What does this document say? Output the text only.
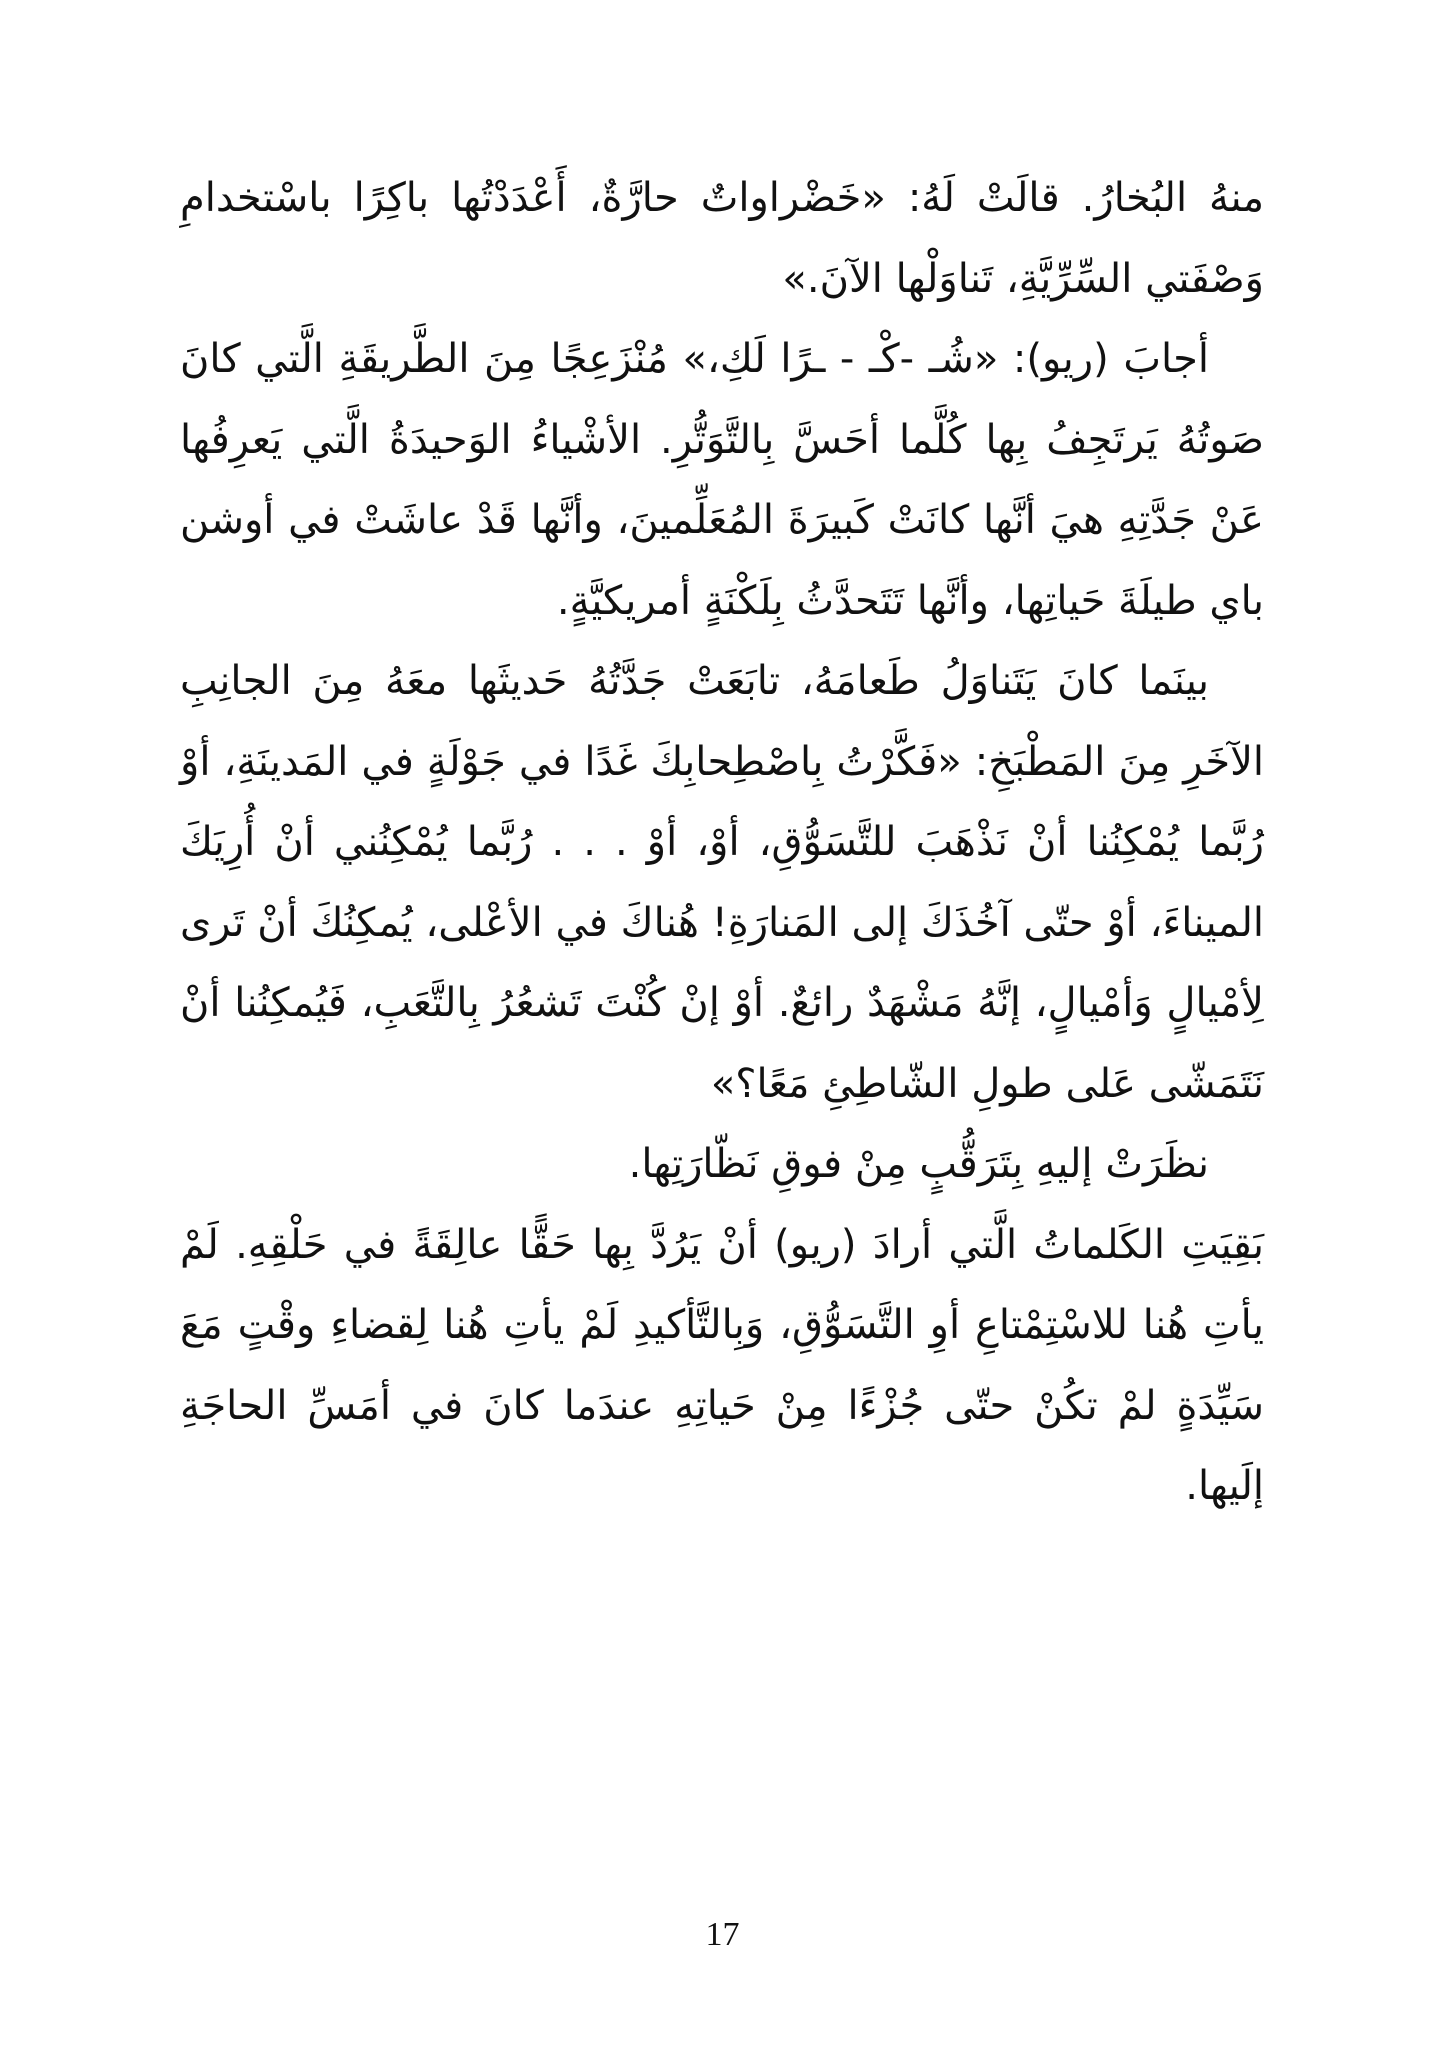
منهُ البُخارُ. قالَتْ لَهُ: «خَضْراواتٌ حارَّةٌ، أَعْدَدْتُها باكِرًا باسْتخدامِ وَصْفَتي السِّرِّيَّةِ، تَناوَلْها الآنَ.»

أجابَ (ريو): «شُـ -كْـ - ـرًا لَكِ،» مُنْزَعِجًا مِنَ الطَّريقَةِ الَّتي كانَ صَوتُهُ يَرتَجِفُ بِها كُلَّما أحَسَّ بِالتَّوَتُّرِ. الأشْياءُ الوَحيدَةُ الَّتي يَعرِفُها عَنْ جَدَّتِهِ هيَ أنَّها كانَتْ كَبيرَةَ المُعَلِّمينَ، وأنَّها قَدْ عاشَتْ في أوشن باي طيلَةَ حَياتِها، وأنَّها تَتَحدَّثُ بِلَكْنَةٍ أمريكيَّةٍ.

بينَما كانَ يَتَناوَلُ طَعامَهُ، تابَعَتْ جَدَّتُهُ حَديثَها معَهُ مِنَ الجانِبِ الآخَرِ مِنَ المَطْبَخِ: «فَكَّرْتُ بِاصْطِحابِكَ غَدًا في جَوْلَةٍ في المَدينَةِ، أوْ رُبَّما يُمْكِنُنا أنْ نَذْهَبَ للتَّسَوُّقِ، أوْ، أوْ . . . رُبَّما يُمْكِنُني أنْ أُرِيَكَ الميناءَ، أوْ حتّى آخُذَكَ إلى المَنارَةِ! هُناكَ في الأعْلى، يُمكِنُكَ أنْ تَرى لِأمْيالٍ وَأمْيالٍ، إنَّهُ مَشْهَدٌ رائعٌ. أوْ إنْ كُنْتَ تَشعُرُ بِالتَّعَبِ، فَيُمكِنُنا أنْ نَتَمَشّى عَلى طولِ الشّاطِئِ مَعًا؟»

نظَرَتْ إليهِ بِتَرَقُّبٍ مِنْ فوقِ نَظّارَتِها.

بَقِيَتِ الكَلماتُ الَّتي أرادَ (ريو) أنْ يَرُدَّ بِها حَقًّا عالِقَةً في حَلْقِهِ. لَمْ يأتِ هُنا للاسْتِمْتاعِ أوِ التَّسَوُّقِ، وَبِالتَّأكيدِ لَمْ يأتِ هُنا لِقضاءِ وقْتٍ مَعَ سَيِّدَةٍ لمْ تكُنْ حتّى جُزْءًا مِنْ حَياتِهِ عندَما كانَ في أمَسِّ الحاجَةِ إلَيها.

17
